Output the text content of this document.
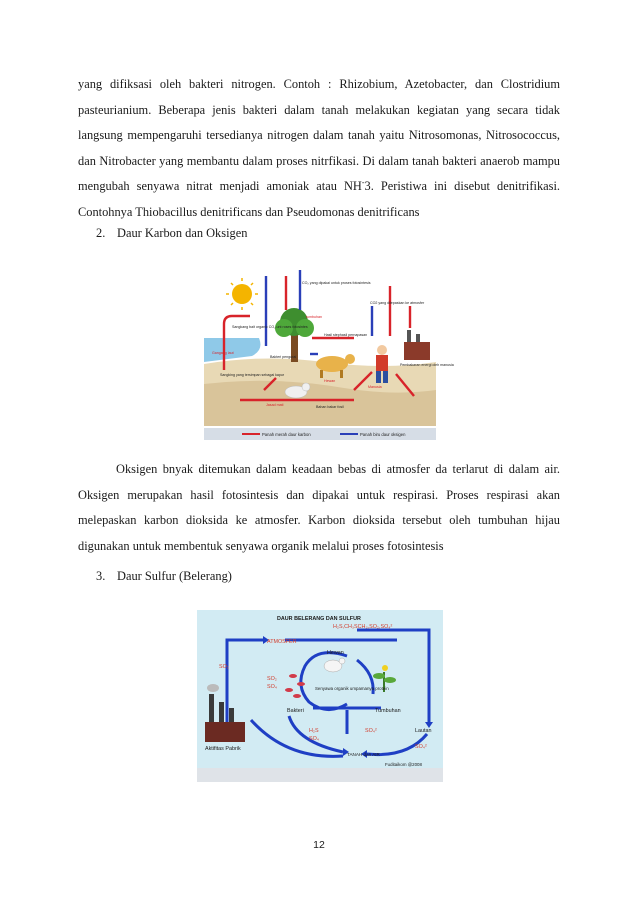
yang difiksasi oleh bakteri nitrogen. Contoh : Rhizobium, Azetobacter, dan Clostridium pasteurianium. Beberapa jenis bakteri dalam tanah melakukan kegiatan yang secara tidak langsung mempengaruhi tersedianya nitrogen dalam tanah yaitu Nitrosomonas, Nitrosococcus, dan Nitrobacter yang membantu dalam proses nitrfikasi. Di dalam tanah bakteri anaerob mampu mengubah senyawa nitrat menjadi amoniak atau NH-3. Peristiwa ini disebut denitrifikasi. Contohnya Thiobacillus denitrificans dan Pseudomonas denitrificans

2. Daur Karbon dan Oksigen

CO₂ yang dipakai untuk proses fotosintesis
CO2 yang dilepaskan ke atmosfer
Sangkang bait organic CO₂ unt roses fotosintes
Bakteri pengurai
Gangang laut
Sangking yang tersimpan sebagai kapur
Jasad mati	Bahan bakar fosil
Manusia
Hewan
tumbuhan
Hasil stephasil pernapasan
Pembakaran energi oleh manusia
Panah merah daur karbon	Panah biru daur oksigen

Oksigen bnyak ditemukan dalam keadaan bebas di atmosfer da terlarut di dalam air. Oksigen merupakan hasil fotosintesis dan dipakai untuk respirasi. Proses respirasi akan melepaskan karbon dioksida ke atmosfer. Karbon dioksida tersebut oleh tumbuhan hijau digunakan untuk membentuk senyawa organik melalui proses fotosintesis

3. Daur Sulfur (Belerang)

DAUR BELERANG DAN SULFUR
ATMOSFER
H₂S,CH₃SCH₃,SO₂,SO₄²
SO₂
SO₂
SO₄
Hewan
Senyawa organik umpamanya protein
Bakteri	Tumbuhan
H₂S
SO₄
SO₄²	Lautan
SO₄²
Aktifitas Pabrik
TANAH dan AIR
Fuditaikom @2008
12
